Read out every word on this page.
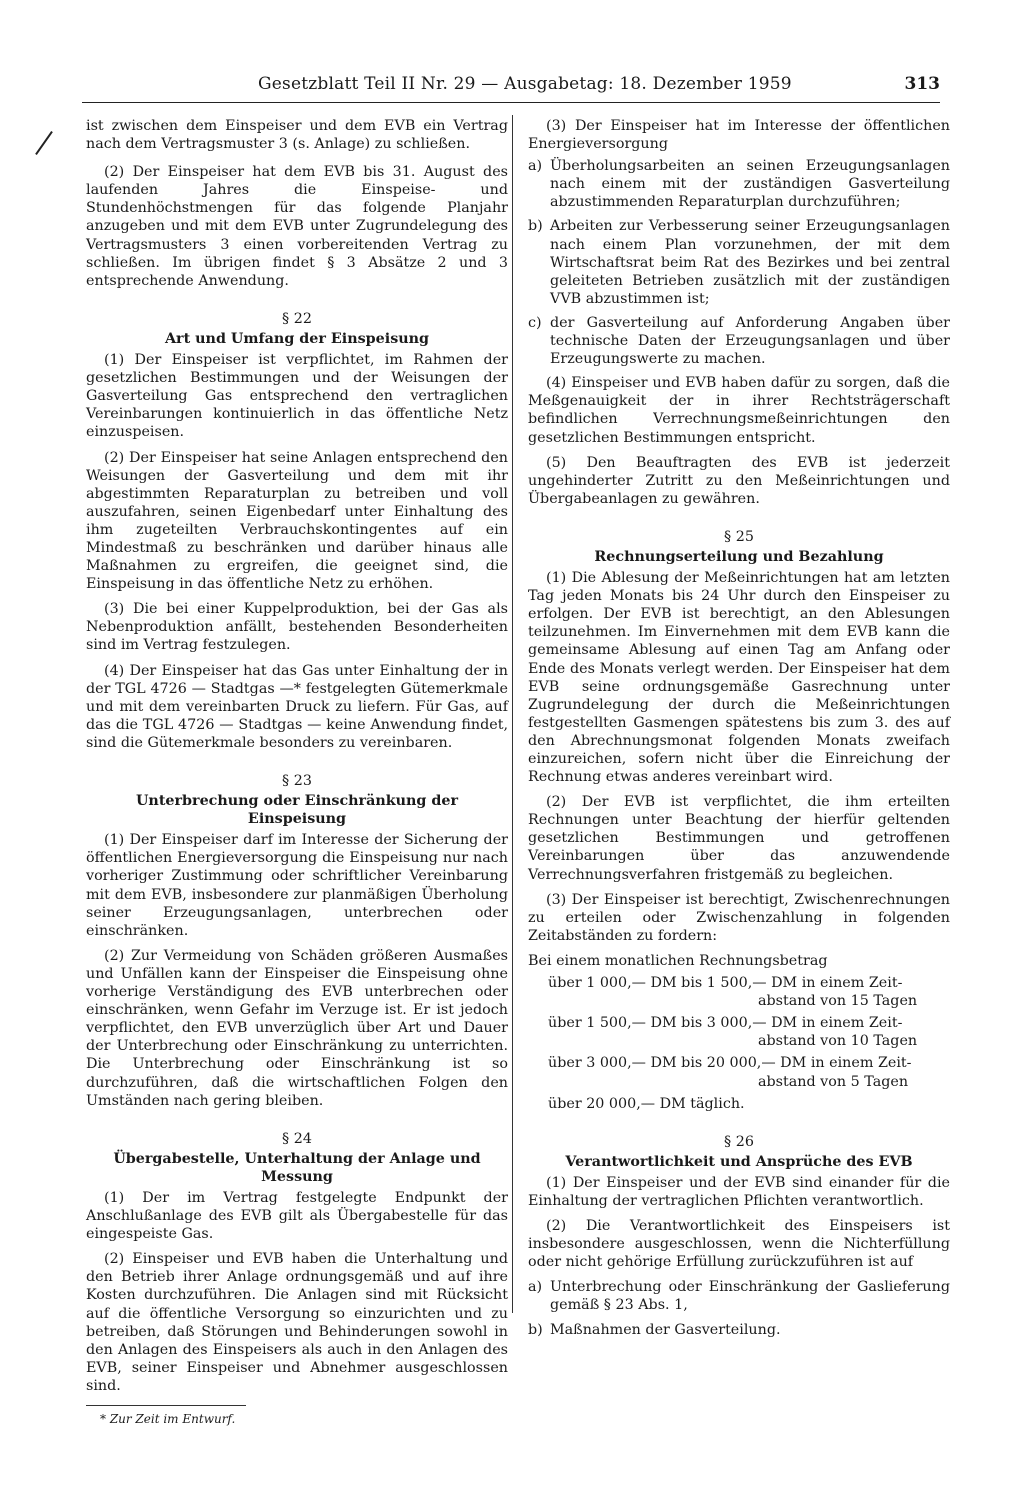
Gesetzblatt Teil II Nr. 29 — Ausgabetag: 18. Dezember 1959	313

ist zwischen dem Einspeiser und dem EVB ein Vertrag nach dem Vertragsmuster 3 (s. Anlage) zu schließen.

(2) Der Einspeiser hat dem EVB bis 31. August des laufenden Jahres die Einspeise- und Stundenhöchstmengen für das folgende Planjahr anzugeben und mit dem EVB unter Zugrundelegung des Vertragsmusters 3 einen vorbereitenden Vertrag zu schließen. Im übrigen findet § 3 Absätze 2 und 3 entsprechende Anwendung.

§ 22
Art und Umfang der Einspeisung

(1) Der Einspeiser ist verpflichtet, im Rahmen der gesetzlichen Bestimmungen und der Weisungen der Gasverteilung Gas entsprechend den vertraglichen Vereinbarungen kontinuierlich in das öffentliche Netz einzuspeisen.

(2) Der Einspeiser hat seine Anlagen entsprechend den Weisungen der Gasverteilung und dem mit ihr abgestimmten Reparaturplan zu betreiben und voll auszufahren, seinen Eigenbedarf unter Einhaltung des ihm zugeteilten Verbrauchskontingentes auf ein Mindestmaß zu beschränken und darüber hinaus alle Maßnahmen zu ergreifen, die geeignet sind, die Einspeisung in das öffentliche Netz zu erhöhen.

(3) Die bei einer Kuppelproduktion, bei der Gas als Nebenproduktion anfällt, bestehenden Besonderheiten sind im Vertrag festzulegen.

(4) Der Einspeiser hat das Gas unter Einhaltung der in der TGL 4726 — Stadtgas —* festgelegten Gütemerkmale und mit dem vereinbarten Druck zu liefern. Für Gas, auf das die TGL 4726 — Stadtgas — keine Anwendung findet, sind die Gütemerkmale besonders zu vereinbaren.

§ 23
Unterbrechung oder Einschränkung der Einspeisung

(1) Der Einspeiser darf im Interesse der Sicherung der öffentlichen Energieversorgung die Einspeisung nur nach vorheriger Zustimmung oder schriftlicher Vereinbarung mit dem EVB, insbesondere zur planmäßigen Überholung seiner Erzeugungsanlagen, unterbrechen oder einschränken.

(2) Zur Vermeidung von Schäden größeren Ausmaßes und Unfällen kann der Einspeiser die Einspeisung ohne vorherige Verständigung des EVB unterbrechen oder einschränken, wenn Gefahr im Verzuge ist. Er ist jedoch verpflichtet, den EVB unverzüglich über Art und Dauer der Unterbrechung oder Einschränkung zu unterrichten. Die Unterbrechung oder Einschränkung ist so durchzuführen, daß die wirtschaftlichen Folgen den Umständen nach gering bleiben.

§ 24
Übergabestelle, Unterhaltung der Anlage und Messung

(1) Der im Vertrag festgelegte Endpunkt der Anschlußanlage des EVB gilt als Übergabestelle für das eingespeiste Gas.

(2) Einspeiser und EVB haben die Unterhaltung und den Betrieb ihrer Anlage ordnungsgemäß und auf ihre Kosten durchzuführen. Die Anlagen sind mit Rücksicht auf die öffentliche Versorgung so einzurichten und zu betreiben, daß Störungen und Behinderungen sowohl in den Anlagen des Einspeisers als auch in den Anlagen des EVB, seiner Einspeiser und Abnehmer ausgeschlossen sind.

* Zur Zeit im Entwurf.

(3) Der Einspeiser hat im Interesse der öffentlichen Energieversorgung

a) Überholungsarbeiten an seinen Erzeugungsanlagen nach einem mit der zuständigen Gasverteilung abzustimmenden Reparaturplan durchzuführen;
b) Arbeiten zur Verbesserung seiner Erzeugungsanlagen nach einem Plan vorzunehmen, der mit dem Wirtschaftsrat beim Rat des Bezirkes und bei zentral geleiteten Betrieben zusätzlich mit der zuständigen VVB abzustimmen ist;
c) der Gasverteilung auf Anforderung Angaben über technische Daten der Erzeugungsanlagen und über Erzeugungswerte zu machen.

(4) Einspeiser und EVB haben dafür zu sorgen, daß die Meßgenauigkeit der in ihrer Rechtsträgerschaft befindlichen Verrechnungsmeßeinrichtungen den gesetzlichen Bestimmungen entspricht.

(5) Den Beauftragten des EVB ist jederzeit ungehinderter Zutritt zu den Meßeinrichtungen und Übergabeanlagen zu gewähren.

§ 25
Rechnungserteilung und Bezahlung

(1) Die Ablesung der Meßeinrichtungen hat am letzten Tag jeden Monats bis 24 Uhr durch den Einspeiser zu erfolgen. Der EVB ist berechtigt, an den Ablesungen teilzunehmen. Im Einvernehmen mit dem EVB kann die gemeinsame Ablesung auf einen Tag am Anfang oder Ende des Monats verlegt werden. Der Einspeiser hat dem EVB seine ordnungsgemäße Gasrechnung unter Zugrundelegung der durch die Meßeinrichtungen festgestellten Gasmengen spätestens bis zum 3. des auf den Abrechnungsmonat folgenden Monats zweifach einzureichen, sofern nicht über die Einreichung der Rechnung etwas anderes vereinbart wird.

(2) Der EVB ist verpflichtet, die ihm erteilten Rechnungen unter Beachtung der hierfür geltenden gesetzlichen Bestimmungen und getroffenen Vereinbarungen über das anzuwendende Verrechnungsverfahren fristgemäß zu begleichen.

(3) Der Einspeiser ist berechtigt, Zwischenrechnungen zu erteilen oder Zwischenzahlung in folgenden Zeitabständen zu fordern:

Bei einem monatlichen Rechnungsbetrag
über 1 000,— DM bis 1 500,— DM in einem Zeit-
abstand von 15 Tagen
über 1 500,— DM bis 3 000,— DM in einem Zeit-
abstand von 10 Tagen
über 3 000,— DM bis 20 000,— DM in einem Zeit-
abstand von 5 Tagen
über 20 000,— DM täglich.
§ 26
Verantwortlichkeit und Ansprüche des EVB

(1) Der Einspeiser und der EVB sind einander für die Einhaltung der vertraglichen Pflichten verantwortlich.

(2) Die Verantwortlichkeit des Einspeisers ist insbesondere ausgeschlossen, wenn die Nichterfüllung oder nicht gehörige Erfüllung zurückzuführen ist auf

a) Unterbrechung oder Einschränkung der Gaslieferung gemäß § 23 Abs. 1,
b) Maßnahmen der Gasverteilung.
